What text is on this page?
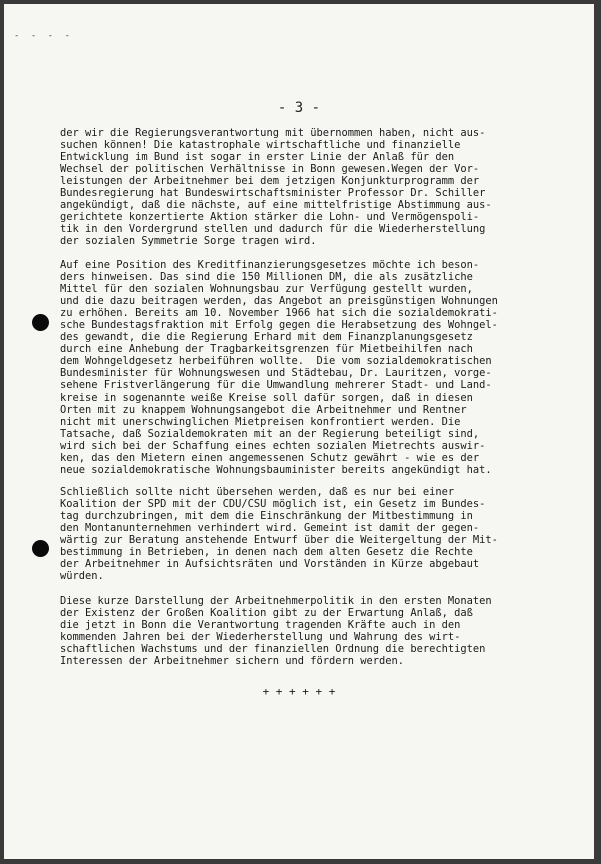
- - - -
- 3 -
der wir die Regierungsverantwortung mit übernommen haben, nicht aus-
suchen können! Die katastrophale wirtschaftliche und finanzielle
Entwicklung im Bund ist sogar in erster Linie der Anlaß für den
Wechsel der politischen Verhältnisse in Bonn gewesen.Wegen der Vor-
leistungen der Arbeitnehmer bei dem jetzigen Konjunkturprogramm der
Bundesregierung hat Bundeswirtschaftsminister Professor Dr. Schiller
angekündigt, daß die nächste, auf eine mittelfristige Abstimmung aus-
gerichtete konzertierte Aktion stärker die Lohn- und Vermögenspoli-
tik in den Vordergrund stellen und dadurch für die Wiederherstellung
der sozialen Symmetrie Sorge tragen wird.
Auf eine Position des Kreditfinanzierungsgesetzes möchte ich beson-
ders hinweisen. Das sind die 150 Millionen DM, die als zusätzliche
Mittel für den sozialen Wohnungsbau zur Verfügung gestellt wurden,
und die dazu beitragen werden, das Angebot an preisgünstigen Wohnungen
zu erhöhen. Bereits am 10. November 1966 hat sich die sozialdemokrati-
sche Bundestagsfraktion mit Erfolg gegen die Herabsetzung des Wohngel-
des gewandt, die die Regierung Erhard mit dem Finanzplanungsgesetz
durch eine Anhebung der Tragbarkeitsgrenzen für Mietbeihilfen nach
dem Wohngeldgesetz herbeiführen wollte.  Die vom sozialdemokratischen
Bundesminister für Wohnungswesen und Städtebau, Dr. Lauritzen, vorge-
sehene Fristverlängerung für die Umwandlung mehrerer Stadt- und Land-
kreise in sogenannte weiße Kreise soll dafür sorgen, daß in diesen
Orten mit zu knappem Wohnungsangebot die Arbeitnehmer und Rentner
nicht mit unerschwinglichen Mietpreisen konfrontiert werden. Die
Tatsache, daß Sozialdemokraten mit an der Regierung beteiligt sind,
wird sich bei der Schaffung eines echten sozialen Mietrechts auswir-
ken, das den Mietern einen angemessenen Schutz gewährt - wie es der
neue sozialdemokratische Wohnungsbauminister bereits angekündigt hat.
Schließlich sollte nicht übersehen werden, daß es nur bei einer
Koalition der SPD mit der CDU/CSU möglich ist, ein Gesetz im Bundes-
tag durchzubringen, mit dem die Einschränkung der Mitbestimmung in
den Montanunternehmen verhindert wird. Gemeint ist damit der gegen-
wärtig zur Beratung anstehende Entwurf über die Weitergeltung der Mit-
bestimmung in Betrieben, in denen nach dem alten Gesetz die Rechte
der Arbeitnehmer in Aufsichtsräten und Vorständen in Kürze abgebaut
würden.
Diese kurze Darstellung der Arbeitnehmerpolitik in den ersten Monaten
der Existenz der Großen Koalition gibt zu der Erwartung Anlaß, daß
die jetzt in Bonn die Verantwortung tragenden Kräfte auch in den
kommenden Jahren bei der Wiederherstellung und Wahrung des wirt-
schaftlichen Wachstums und der finanziellen Ordnung die berechtigten
Interessen der Arbeitnehmer sichern und fördern werden.
+ + + + + +
